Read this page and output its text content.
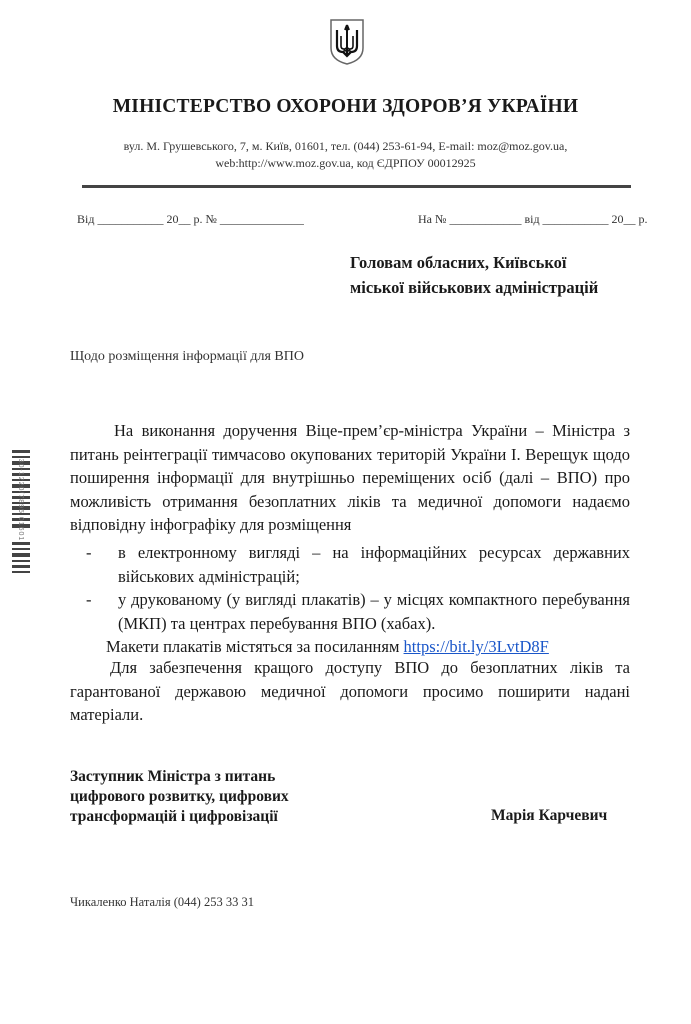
МІНІСТЕРСТВО ОХОРОНИ ЗДОРОВ’Я УКРАЇНИ
вул. М. Грушевського, 7, м. Київ, 01601, тел. (044) 253-61-94, E-mail: moz@moz.gov.ua,
web:http://www.moz.gov.ua, код ЄДРПОУ 00012925
Від ___________ 20__ р. № ______________	На № ____________ від ___________ 20__ р.
Головам обласних, Київської
міської військових адміністрацій
Щодо розміщення інформації для ВПО
На виконання доручення Віце-прем’єр-міністра України – Міністра з питань реінтеграції тимчасово окупованих територій України І. Верещук щодо поширення інформації для внутрішньо переміщених осіб (далі – ВПО) про можливість отримання безоплатних ліків та медичної допомоги надаємо відповідну інфографіку для розміщення
- в електронному вигляді – на інформаційних ресурсах державних військових адміністрацій;
- у друкованому (у вигляді плакатів) – у місцях компактного перебування (МКП) та центрах перебування ВПО (хабах).
Макети плакатів містяться за посиланням https://bit.ly/3LvtD8F
Для забезпечення кращого доступу ВПО до безоплатних ліків та гарантованої державою медичної допомоги просимо поширити надані матеріали.
Заступник Міністра з питань
цифрового розвитку, цифрових
трансформацій і цифровізації	Марія Карчевич
Чикаленко Наталія (044) 253 33 31
30-1220/7895 01601
